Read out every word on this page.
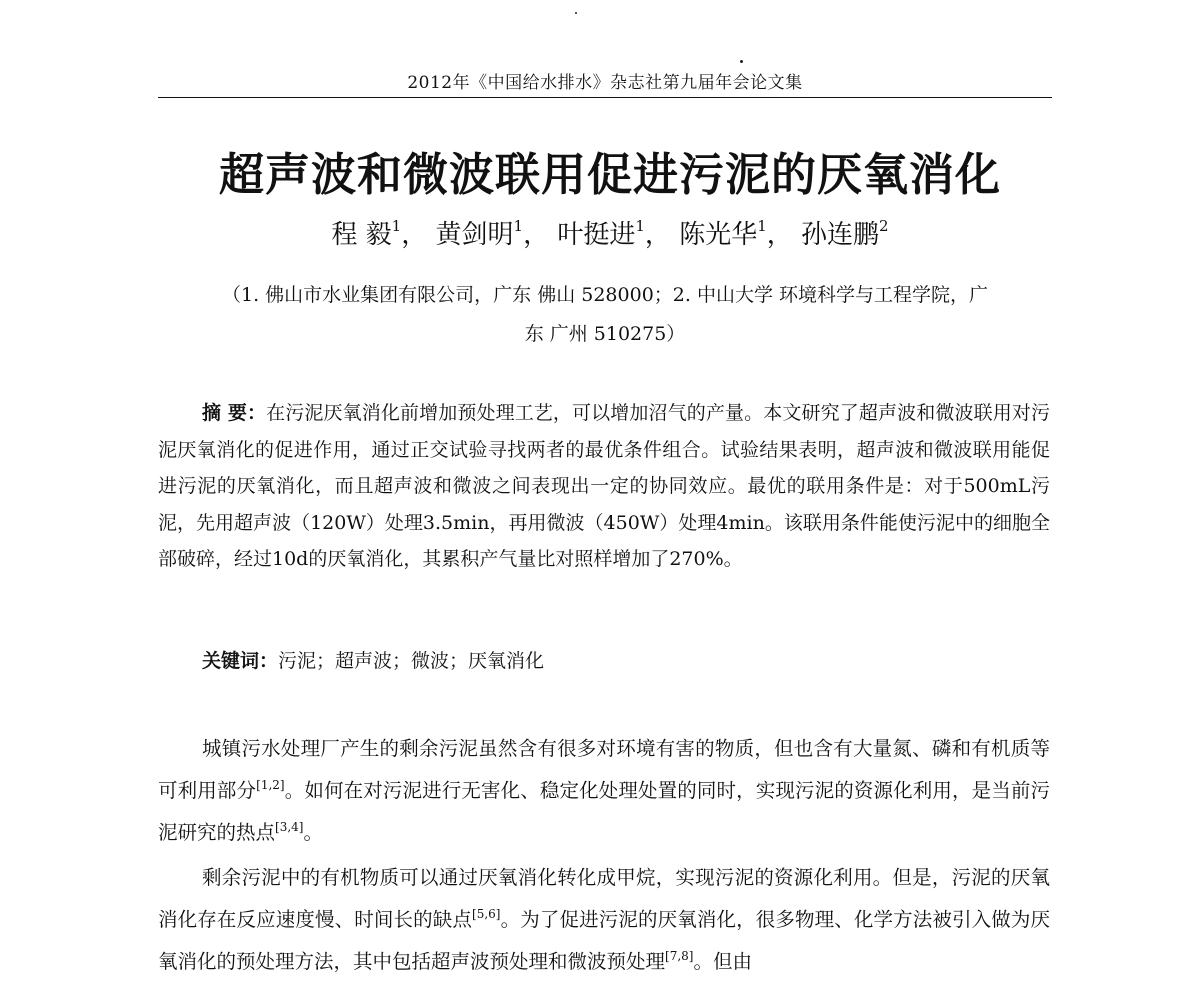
2012年《中国给水排水》杂志社第九届年会论文集
超声波和微波联用促进污泥的厌氧消化
程 毅$^1$， 黄剑明$^1$， 叶挺进$^1$， 陈光华$^1$， 孙连鹏$^2$
（1. 佛山市水业集团有限公司，广东 佛山 528000；2. 中山大学 环境科学与工程学院，广
东 广州 510275）
摘 要：在污泥厌氧消化前增加预处理工艺，可以增加沼气的产量。本文研究了超声波和微波联用对污泥厌氧消化的促进作用，通过正交试验寻找两者的最优条件组合。试验结果表明，超声波和微波联用能促进污泥的厌氧消化，而且超声波和微波之间表现出一定的协同效应。最优的联用条件是：对于500mL污泥，先用超声波（120W）处理3.5min，再用微波（450W）处理4min。该联用条件能使污泥中的细胞全部破碎，经过10d的厌氧消化，其累积产气量比对照样增加了270%。
关键词：污泥；超声波；微波；厌氧消化

城镇污水处理厂产生的剩余污泥虽然含有很多对环境有害的物质，但也含有大量氮、磷和有机质等可利用部分[1,2]。如何在对污泥进行无害化、稳定化处理处置的同时，实现污泥的资源化利用，是当前污泥研究的热点[3,4]。

剩余污泥中的有机物质可以通过厌氧消化转化成甲烷，实现污泥的资源化利用。但是，污泥的厌氧消化存在反应速度慢、时间长的缺点[5,6]。为了促进污泥的厌氧消化，很多物理、化学方法被引入做为厌氧消化的预处理方法，其中包括超声波预处理和微波预处理[7,8]。但由
